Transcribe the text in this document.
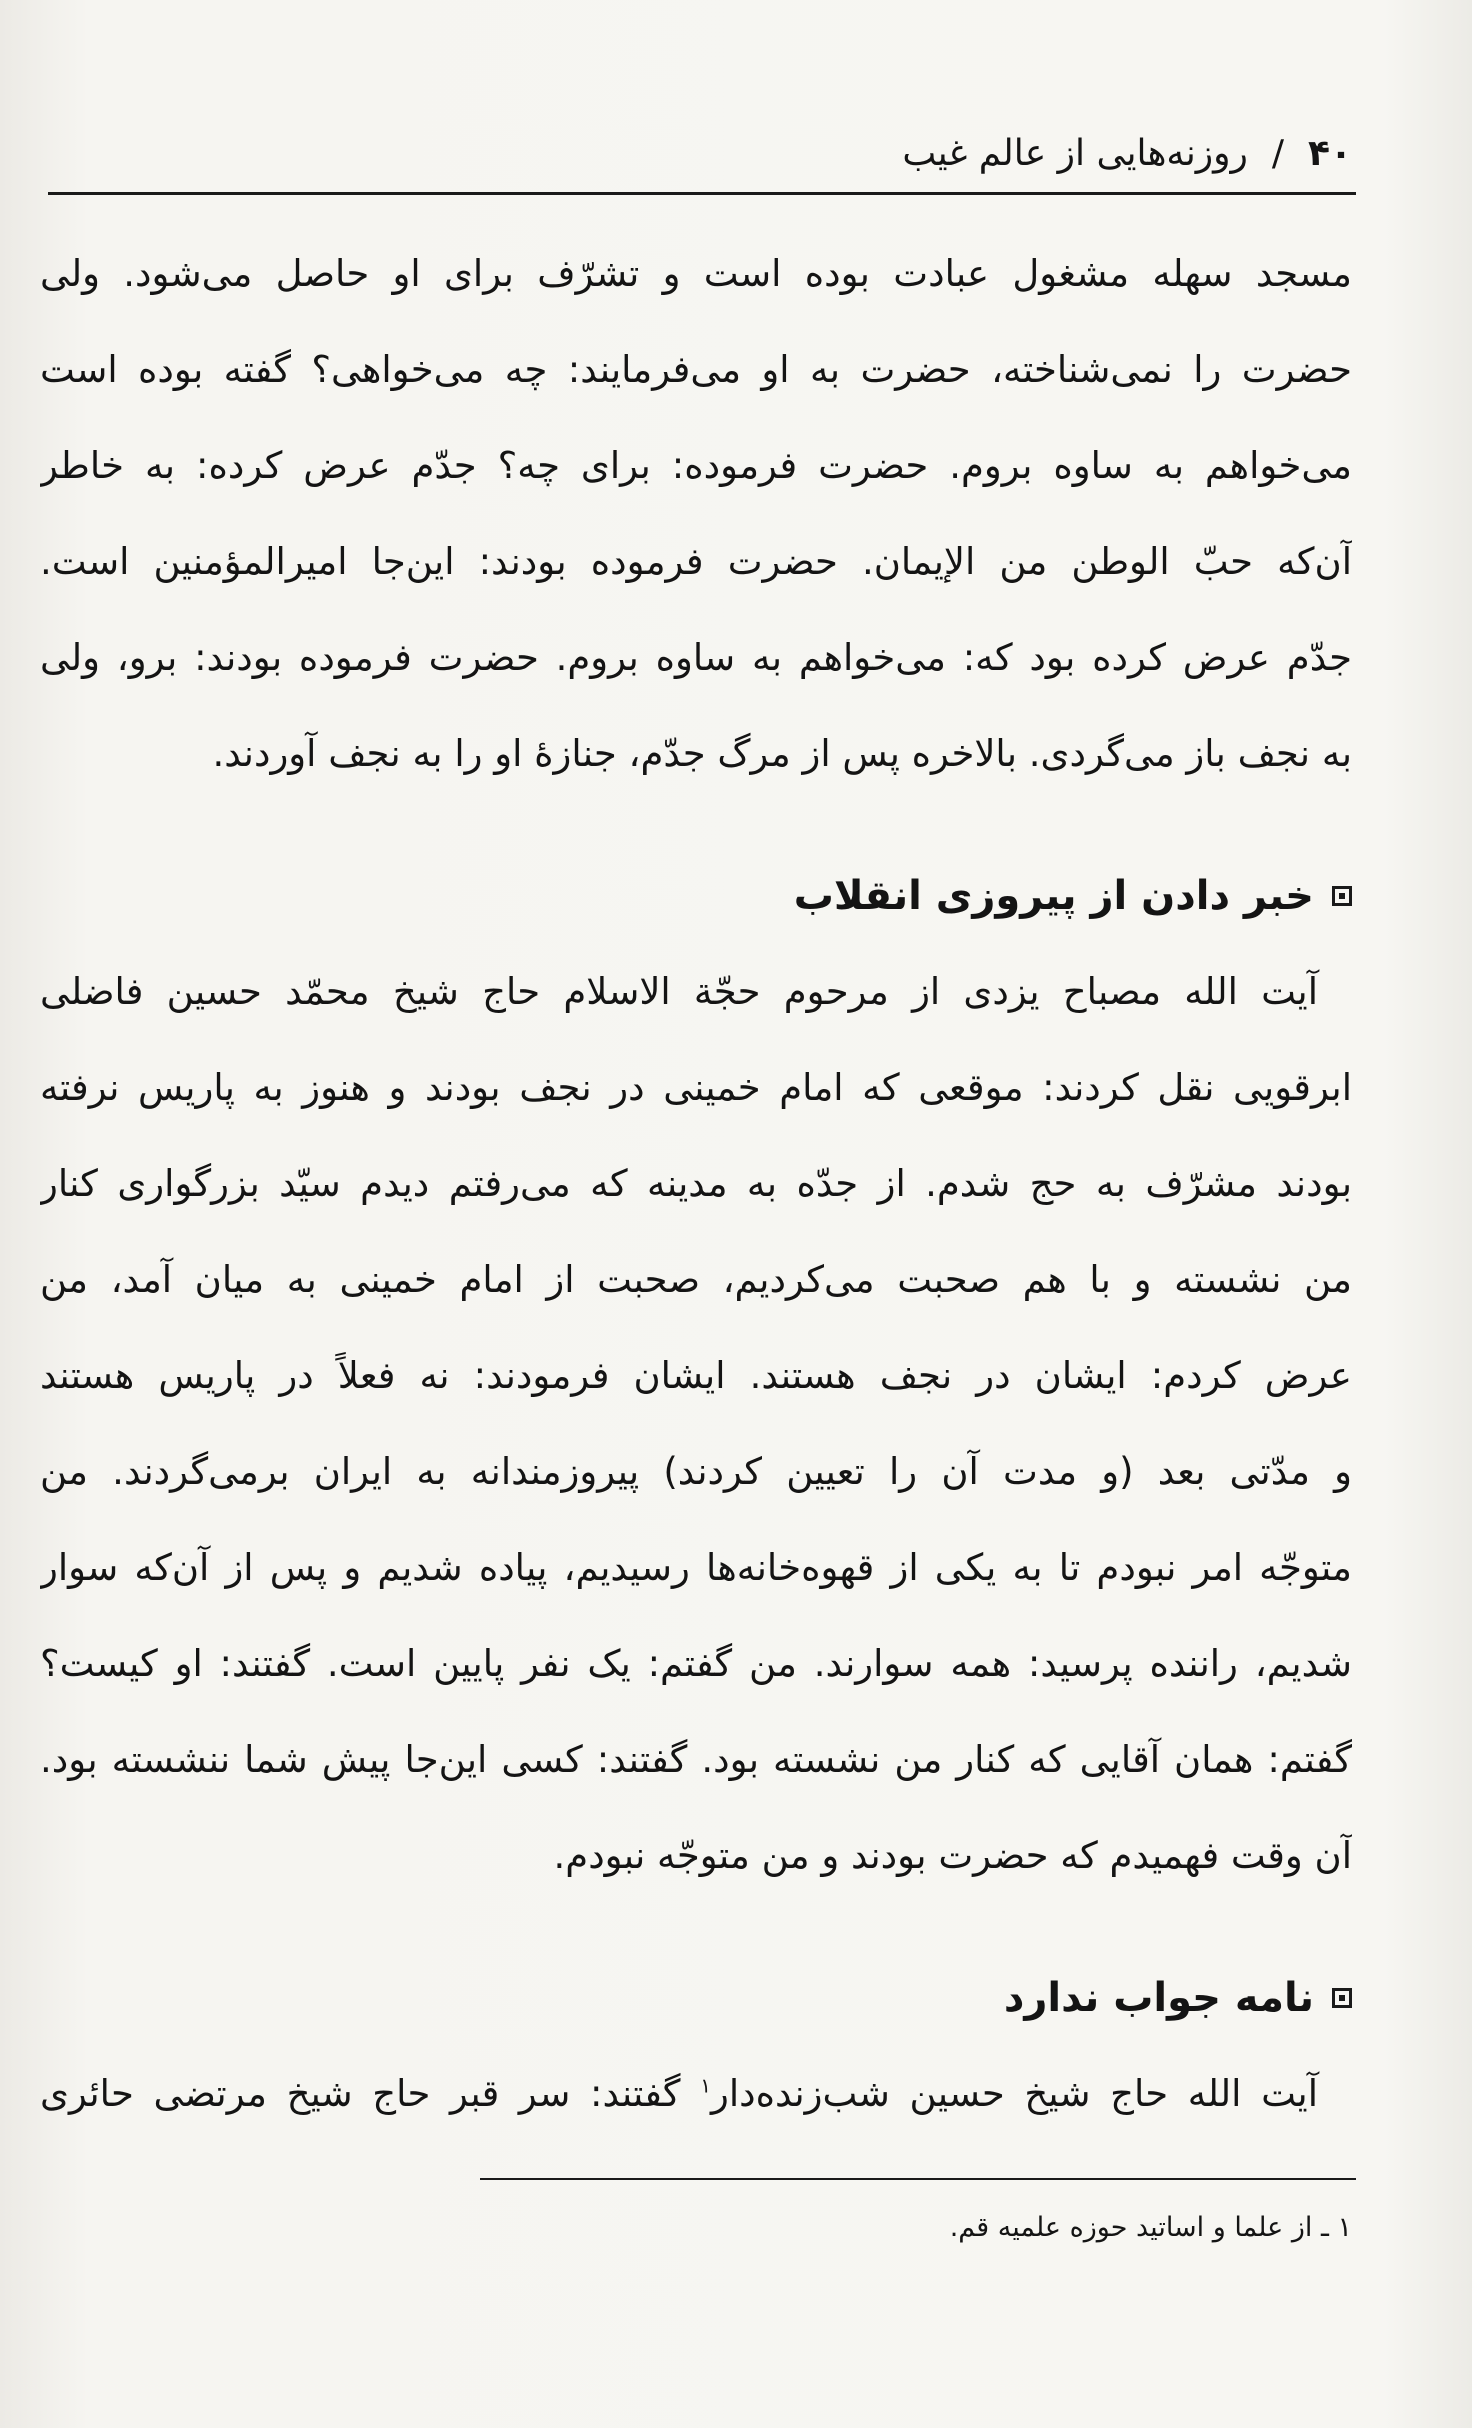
۴۰
/
روزنه‌هایی از عالم غیب
مسجد سهله مشغول عبادت بوده است و تشرّف برای او حاصل می‌شود. ولی
حضرت را نمی‌شناخته، حضرت به او می‌فرمایند: چه می‌خواهی؟ گفته بوده است
می‌خواهم به ساوه بروم. حضرت فرموده: برای چه؟ جدّم عرض کرده: به خاطر
آن‌که حبّ الوطن من الإیمان. حضرت فرموده بودند: این‌جا امیرالمؤمنین است.
جدّم عرض کرده بود که: می‌خواهم به ساوه بروم. حضرت فرموده بودند: برو، ولی
به نجف باز می‌گردی. بالاخره پس از مرگ جدّم، جنازهٔ او را به نجف آوردند.
خبر دادن از پیروزی انقلاب
آیت الله مصباح یزدی از مرحوم حجّة الاسلام حاج شیخ محمّد حسین فاضلی
ابرقویی نقل کردند: موقعی که امام خمینی در نجف بودند و هنوز به پاریس نرفته
بودند مشرّف به حج شدم. از جدّه به مدینه که می‌رفتم دیدم سیّد بزرگواری کنار
من نشسته و با هم صحبت می‌کردیم، صحبت از امام خمینی به میان آمد، من
عرض کردم: ایشان در نجف هستند. ایشان فرمودند: نه فعلاً در پاریس هستند
و مدّتی بعد (و مدت آن را تعیین کردند) پیروزمندانه به ایران برمی‌گردند. من
متوجّه امر نبودم تا به یکی از قهوه‌خانه‌ها رسیدیم، پیاده شدیم و پس از آن‌که سوار
شدیم، راننده پرسید: همه سوارند. من گفتم: یک نفر پایین است. گفتند: او کیست؟
گفتم: همان آقایی که کنار من نشسته بود. گفتند: کسی این‌جا پیش شما ننشسته بود.
آن وقت فهمیدم که حضرت بودند و من متوجّه نبودم.
نامه جواب ندارد
آیت الله حاج شیخ حسین شب‌زنده‌دار$^۱$ گفتند: سر قبر حاج شیخ مرتضی حائری
۱ ـ از علما و اساتید حوزه علمیه قم.
